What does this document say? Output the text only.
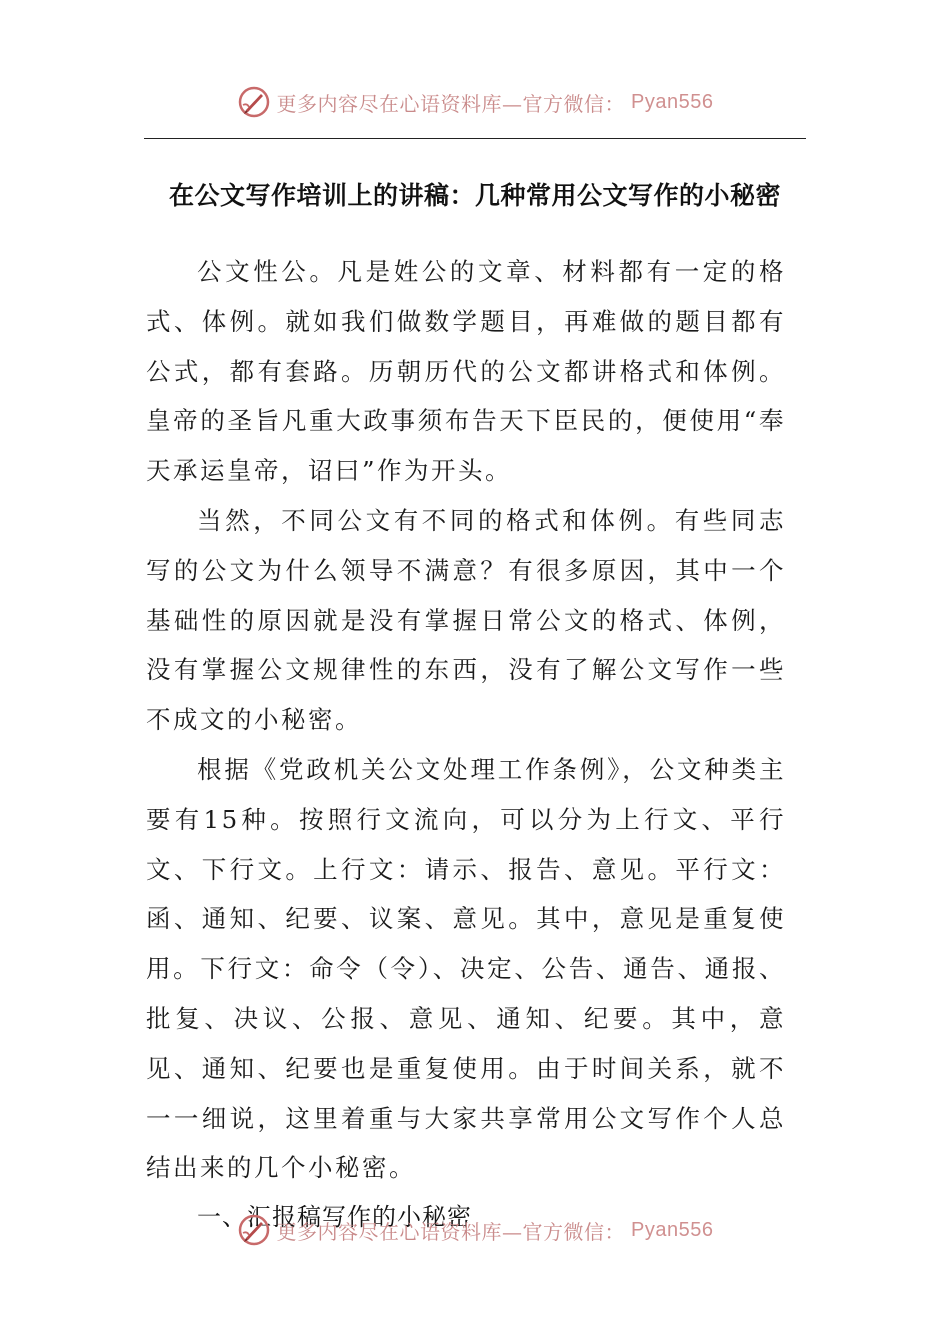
更多内容尽在心语资料库—官方微信： Pyan556
在公文写作培训上的讲稿：几种常用公文写作的小秘密

公文性公。凡是姓公的文章、材料都有一定的格式、体例。就如我们做数学题目，再难做的题目都有公式，都有套路。历朝历代的公文都讲格式和体例。皇帝的圣旨凡重大政事须布告天下臣民的，便使用“奉天承运皇帝，诏曰”作为开头。

当然，不同公文有不同的格式和体例。有些同志写的公文为什么领导不满意？有很多原因，其中一个基础性的原因就是没有掌握日常公文的格式、体例，没有掌握公文规律性的东西，没有了解公文写作一些不成文的小秘密。

根据《党政机关公文处理工作条例》，公文种类主要有15种。按照行文流向，可以分为上行文、平行文、下行文。上行文：请示、报告、意见。平行文：函、通知、纪要、议案、意见。其中，意见是重复使用。下行文：命令（令）、决定、公告、通告、通报、批复、决议、公报、意见、通知、纪要。其中，意见、通知、纪要也是重复使用。由于时间关系，就不一一细说，这里着重与大家共享常用公文写作个人总结出来的几个小秘密。

一、汇报稿写作的小秘密

更多内容尽在心语资料库—官方微信： Pyan556
